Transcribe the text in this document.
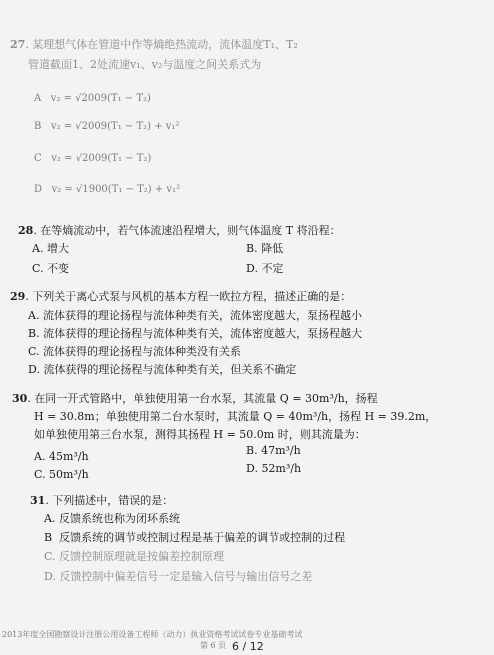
27. 某理想气体在管道中作等熵绝热流动，流体温度T₁、T₂
管道截面1、2处流速v₁、v₂与温度之间关系式为
A v₂ = √2009(T₁ − T₂)
B v₂ = √2009(T₁ − T₂) + v₁²
C v₂ = √2009(T₁ − T₂)
D v₂ = √1900(T₁ − T₂) + v₁²
28. 在等熵流动中，若气体流速沿程增大，则气体温度 T 将沿程：
A. 增大	B. 降低
C. 不变	D. 不定
29. 下列关于离心式泵与风机的基本方程一欧拉方程，描述正确的是：
A. 流体获得的理论扬程与流体种类有关，流体密度越大，泵扬程越小
B. 流体获得的理论扬程与流体种类有关，流体密度越大，泵扬程越大
C. 流体获得的理论扬程与流体种类没有关系
D. 流体获得的理论扬程与流体种类有关，但关系不确定
30. 在同一开式管路中，单独使用第一台水泵，其流量 Q = 30m³/h，扬程
H = 30.8m；单独使用第二台水泵时，其流量 Q = 40m³/h，扬程 H = 39.2m，
如单独使用第三台水泵，测得其扬程 H = 50.0m 时，则其流量为：
A. 45m³/h	B. 47m³/h
C. 50m³/h	D. 52m³/h
31. 下列描述中，错误的是：
A. 反馈系统也称为闭环系统
B 反馈系统的调节或控制过程是基于偏差的调节或控制的过程
C. 反馈控制原理就是按偏差控制原理
D. 反馈控制中偏差信号一定是输入信号与输出信号之差
2013年度全国勘察设计注册公用设备工程师（动力）执业资格考试试卷专业基础考试
第 6 页 6 / 12
